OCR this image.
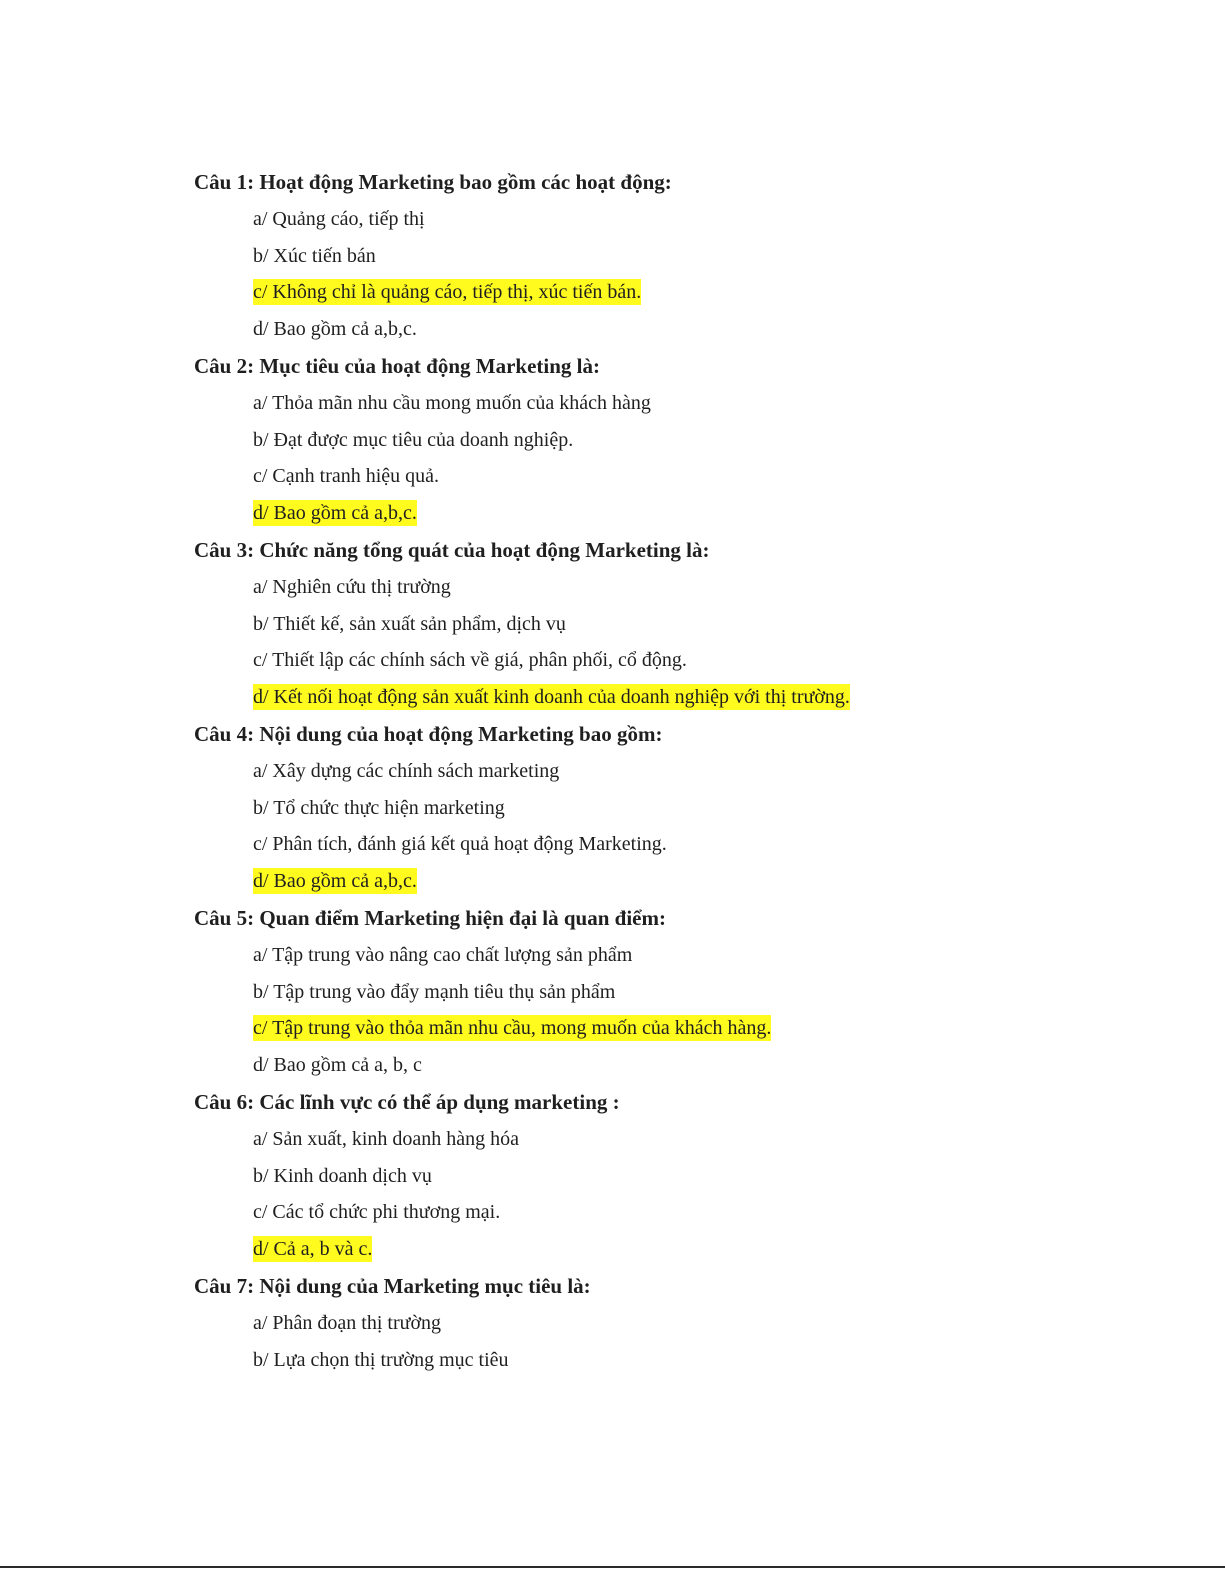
Câu 1: Hoạt động Marketing bao gồm các hoạt động:
a/ Quảng cáo, tiếp thị
b/ Xúc tiến bán
c/ Không chỉ là quảng cáo, tiếp thị, xúc tiến bán.
d/ Bao gồm cả a,b,c.
Câu 2: Mục tiêu của hoạt động Marketing là:
a/ Thỏa mãn nhu cầu mong muốn của khách hàng
b/ Đạt được mục tiêu của doanh nghiệp.
c/ Cạnh tranh hiệu quả.
d/ Bao gồm cả a,b,c.
Câu 3: Chức năng tổng quát của hoạt động Marketing là:
a/ Nghiên cứu thị trường
b/ Thiết kế, sản xuất sản phẩm, dịch vụ
c/ Thiết lập các chính sách về giá, phân phối, cổ động.
d/ Kết nối hoạt động sản xuất kinh doanh của doanh nghiệp với thị trường.
Câu 4: Nội dung của hoạt động Marketing bao gồm:
a/ Xây dựng các chính sách marketing
b/ Tổ chức thực hiện marketing
c/ Phân tích, đánh giá kết quả hoạt động Marketing.
d/ Bao gồm cả a,b,c.
Câu 5: Quan điểm Marketing hiện đại là quan điểm:
a/ Tập trung vào nâng cao chất lượng sản phẩm
b/ Tập trung vào đẩy mạnh tiêu thụ sản phẩm
c/ Tập trung vào thỏa mãn nhu cầu, mong muốn của khách hàng.
d/ Bao gồm cả a, b, c
Câu 6: Các lĩnh vực có thể áp dụng marketing :
a/ Sản xuất, kinh doanh hàng hóa
b/ Kinh doanh dịch vụ
c/ Các tổ chức phi thương mại.
d/ Cả a, b và c.
Câu 7: Nội dung của Marketing mục tiêu là:
a/ Phân đoạn thị trường
b/ Lựa chọn thị trường mục tiêu
